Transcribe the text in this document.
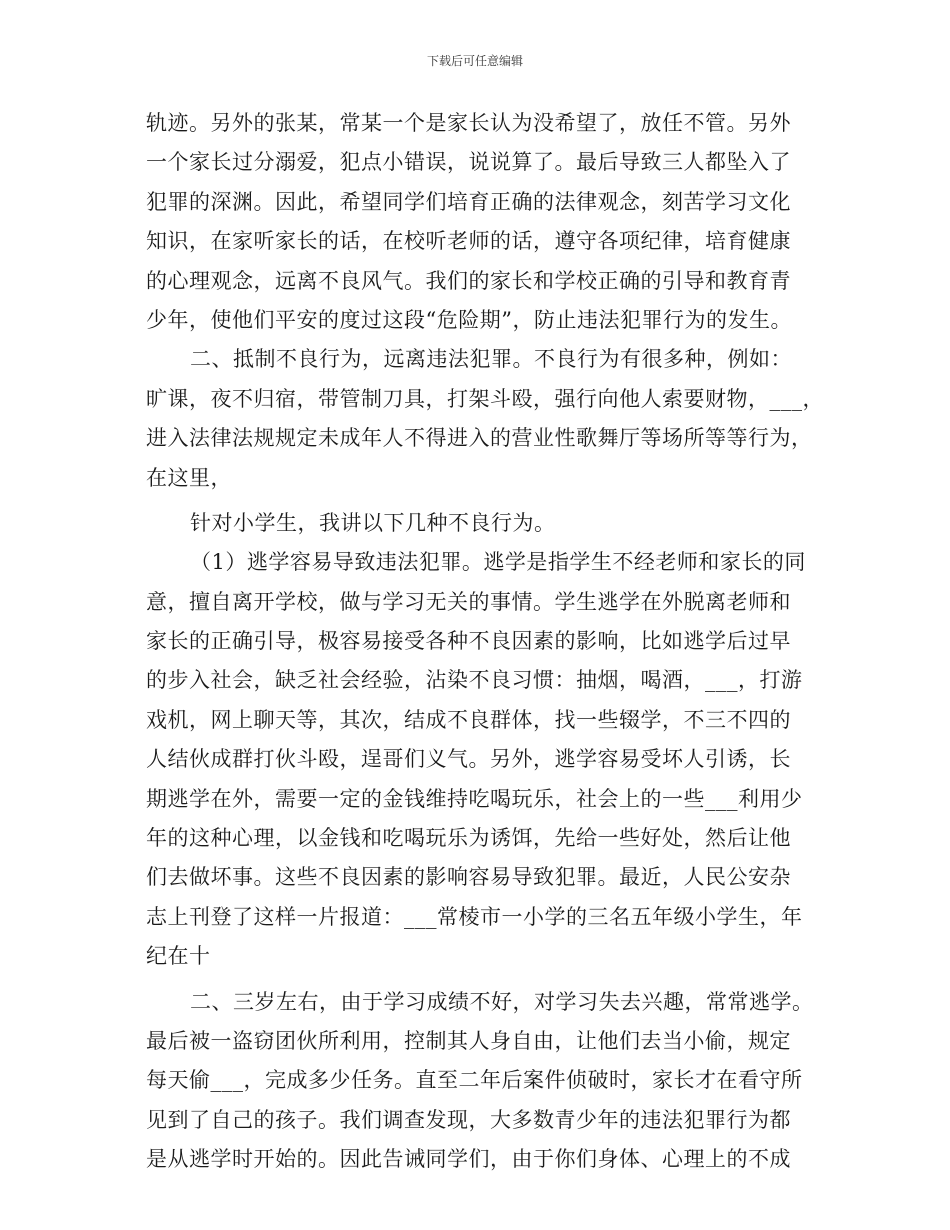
下载后可任意编辑
轨迹。另外的张某，常某一个是家长认为没希望了，放任不管。另外
一个家长过分溺爱，犯点小错误，说说算了。最后导致三人都坠入了
犯罪的深渊。因此，希望同学们培育正确的法律观念，刻苦学习文化
知识，在家听家长的话，在校听老师的话，遵守各项纪律，培育健康
的心理观念，远离不良风气。我们的家长和学校正确的引导和教育青
少年，使他们平安的度过这段“危险期”，防止违法犯罪行为的发生。
二、抵制不良行为，远离违法犯罪。不良行为有很多种，例如：
旷课，夜不归宿，带管制刀具，打架斗殴，强行向他人索要财物，___，
进入法律法规规定未成年人不得进入的营业性歌舞厅等场所等等行为，
在这里，
针对小学生，我讲以下几种不良行为。
（1）逃学容易导致违法犯罪。逃学是指学生不经老师和家长的同
意，擅自离开学校，做与学习无关的事情。学生逃学在外脱离老师和
家长的正确引导，极容易接受各种不良因素的影响，比如逃学后过早
的步入社会，缺乏社会经验，沾染不良习惯：抽烟，喝酒，___，打游
戏机，网上聊天等，其次，结成不良群体，找一些辍学，不三不四的
人结伙成群打伙斗殴，逞哥们义气。另外，逃学容易受坏人引诱，长
期逃学在外，需要一定的金钱维持吃喝玩乐，社会上的一些___利用少
年的这种心理，以金钱和吃喝玩乐为诱饵，先给一些好处，然后让他
们去做坏事。这些不良因素的影响容易导致犯罪。最近，人民公安杂
志上刊登了这样一片报道：___常棱市一小学的三名五年级小学生，年
纪在十
二、三岁左右，由于学习成绩不好，对学习失去兴趣，常常逃学。
最后被一盗窃团伙所利用，控制其人身自由，让他们去当小偷，规定
每天偷___，完成多少任务。直至二年后案件侦破时，家长才在看守所
见到了自己的孩子。我们调查发现，大多数青少年的违法犯罪行为都
是从逃学时开始的。因此告诫同学们，由于你们身体、心理上的不成
